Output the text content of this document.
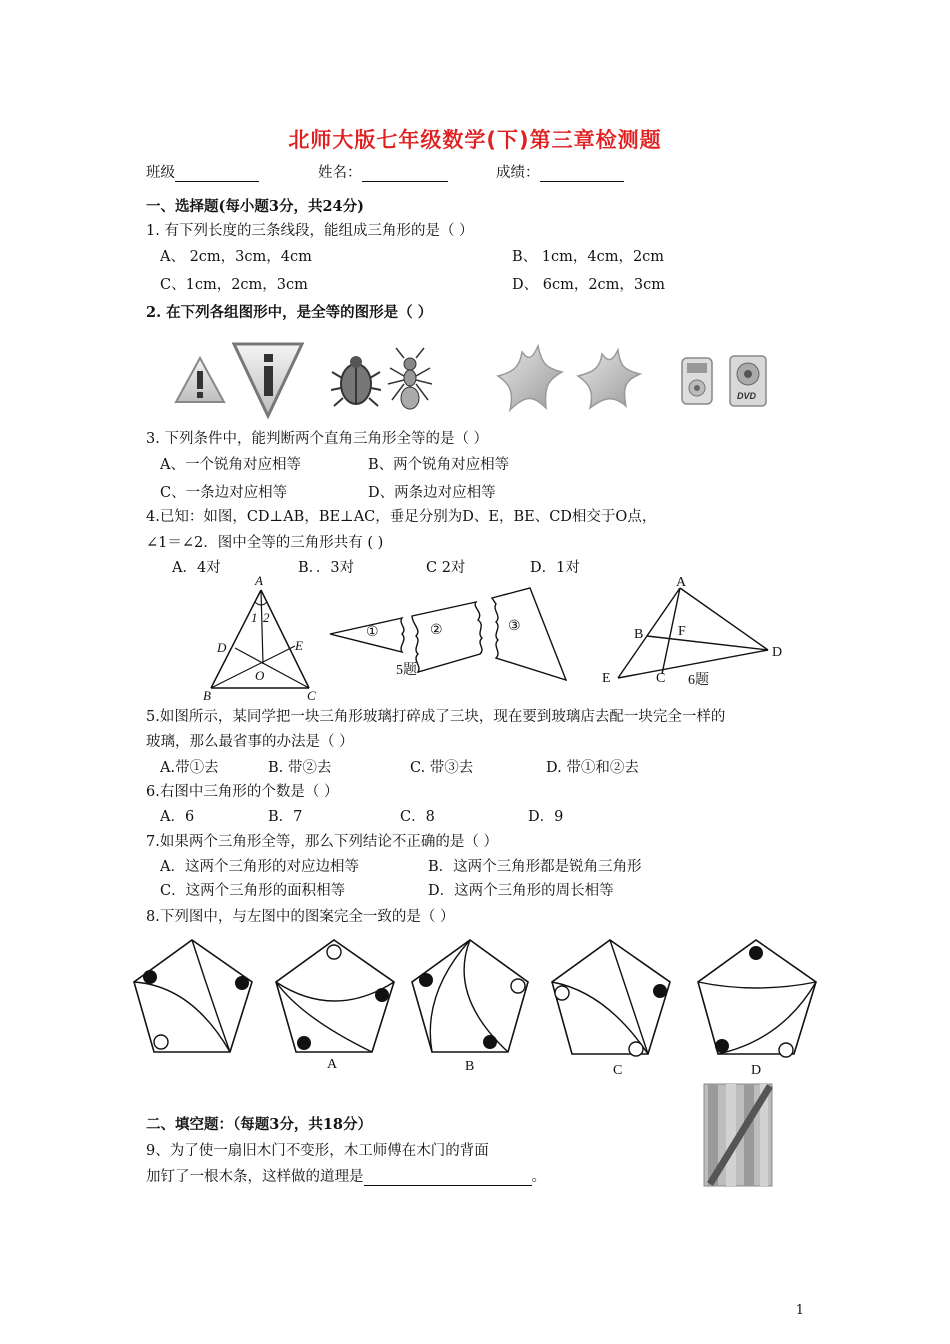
北师大版七年级数学(下)第三章检测题
班级	姓名：	成绩：
一、选择题(每小题3分，共24分)
1. 有下列长度的三条线段，能组成三角形的是（ ）
A、 2cm，3cm，4cm	B、 1cm，4cm，2cm
C、1cm，2cm，3cm	D、 6cm，2cm，3cm
2. 在下列各组图形中，是全等的图形是（ ）
DVD
3. 下列条件中，能判断两个直角三角形全等的是（ ）
A、一个锐角对应相等	B、两个锐角对应相等
C、一条边对应相等	D、两条边对应相等
4.已知：如图，CD⊥AB，BE⊥AC，垂足分别为D、E，BE、CD相交于O点，
∠1＝∠2．图中全等的三角形共有 ( )
A．4对	B．．3对	C 2对	D．1对
A
1 2
D	E
O
B	C
①	②	③
5题
A
B F
D
E	C 6题
5.如图所示，某同学把一块三角形玻璃打碎成了三块，现在要到玻璃店去配一块完全一样的
玻璃，那么最省事的办法是（ ）
A.带①去	B. 带②去	C. 带③去	D. 带①和②去
6.右图中三角形的个数是（ ）
A．6	B．7	C．8	D．9
7.如果两个三角形全等，那么下列结论不正确的是（ ）
A．这两个三角形的对应边相等	B．这两个三角形都是锐角三角形
C．这两个三角形的面积相等	D．这两个三角形的周长相等
8.下列图中，与左图中的图案完全一致的是（ ）
A	B	C	D
二、填空题：（每题3分，共18分）
9、为了使一扇旧木门不变形，木工师傅在木门的背面
加钉了一根木条，这样做的道理是	。
1
